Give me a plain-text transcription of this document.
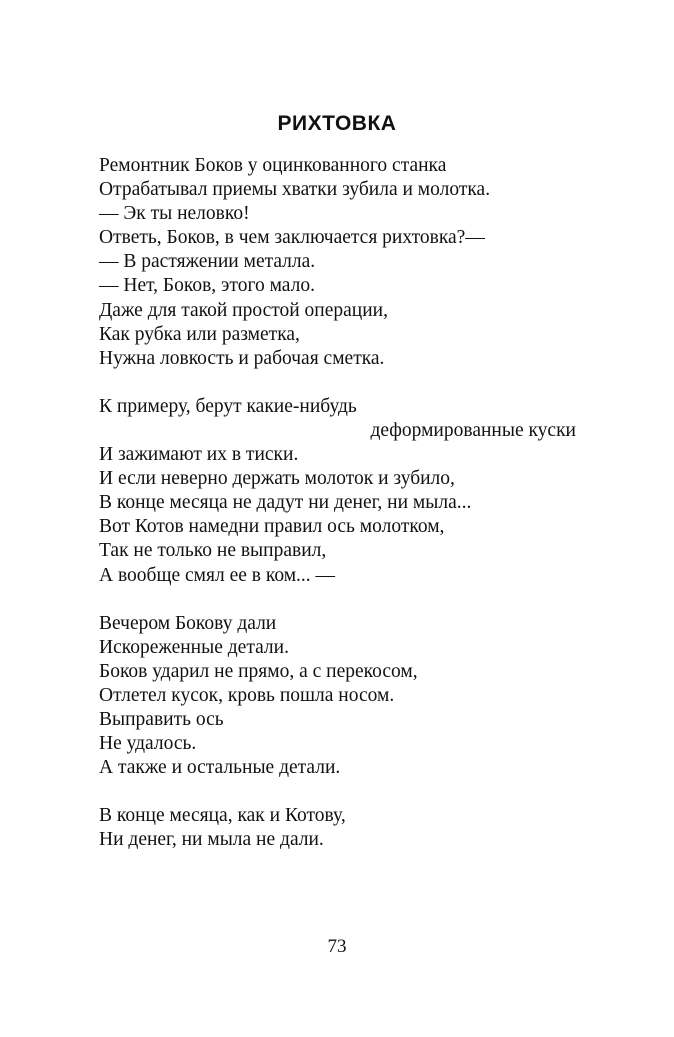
РИХТОВКА
Ремонтник Боков у оцинкованного станка
Отрабатывал приемы хватки зубила и молотка.
— Эк ты неловко!
Ответь, Боков, в чем заключается рихтовка?—
— В растяжении металла.
— Нет, Боков, этого мало.
Даже для такой простой операции,
Как рубка или разметка,
Нужна ловкость и рабочая сметка.
К примеру, берут какие-нибудь
деформированные куски
И зажимают их в тиски.
И если неверно держать молоток и зубило,
В конце месяца не дадут ни денег, ни мыла...
Вот Котов намедни правил ось молотком,
Так не только не выправил,
А вообще смял ее в ком... —
Вечером Бокову дали
Искореженные детали.
Боков ударил не прямо, а с перекосом,
Отлетел кусок, кровь пошла носом.
Выправить ось
Не удалось.
А также и остальные детали.
В конце месяца, как и Котову,
Ни денег, ни мыла не дали.
73
